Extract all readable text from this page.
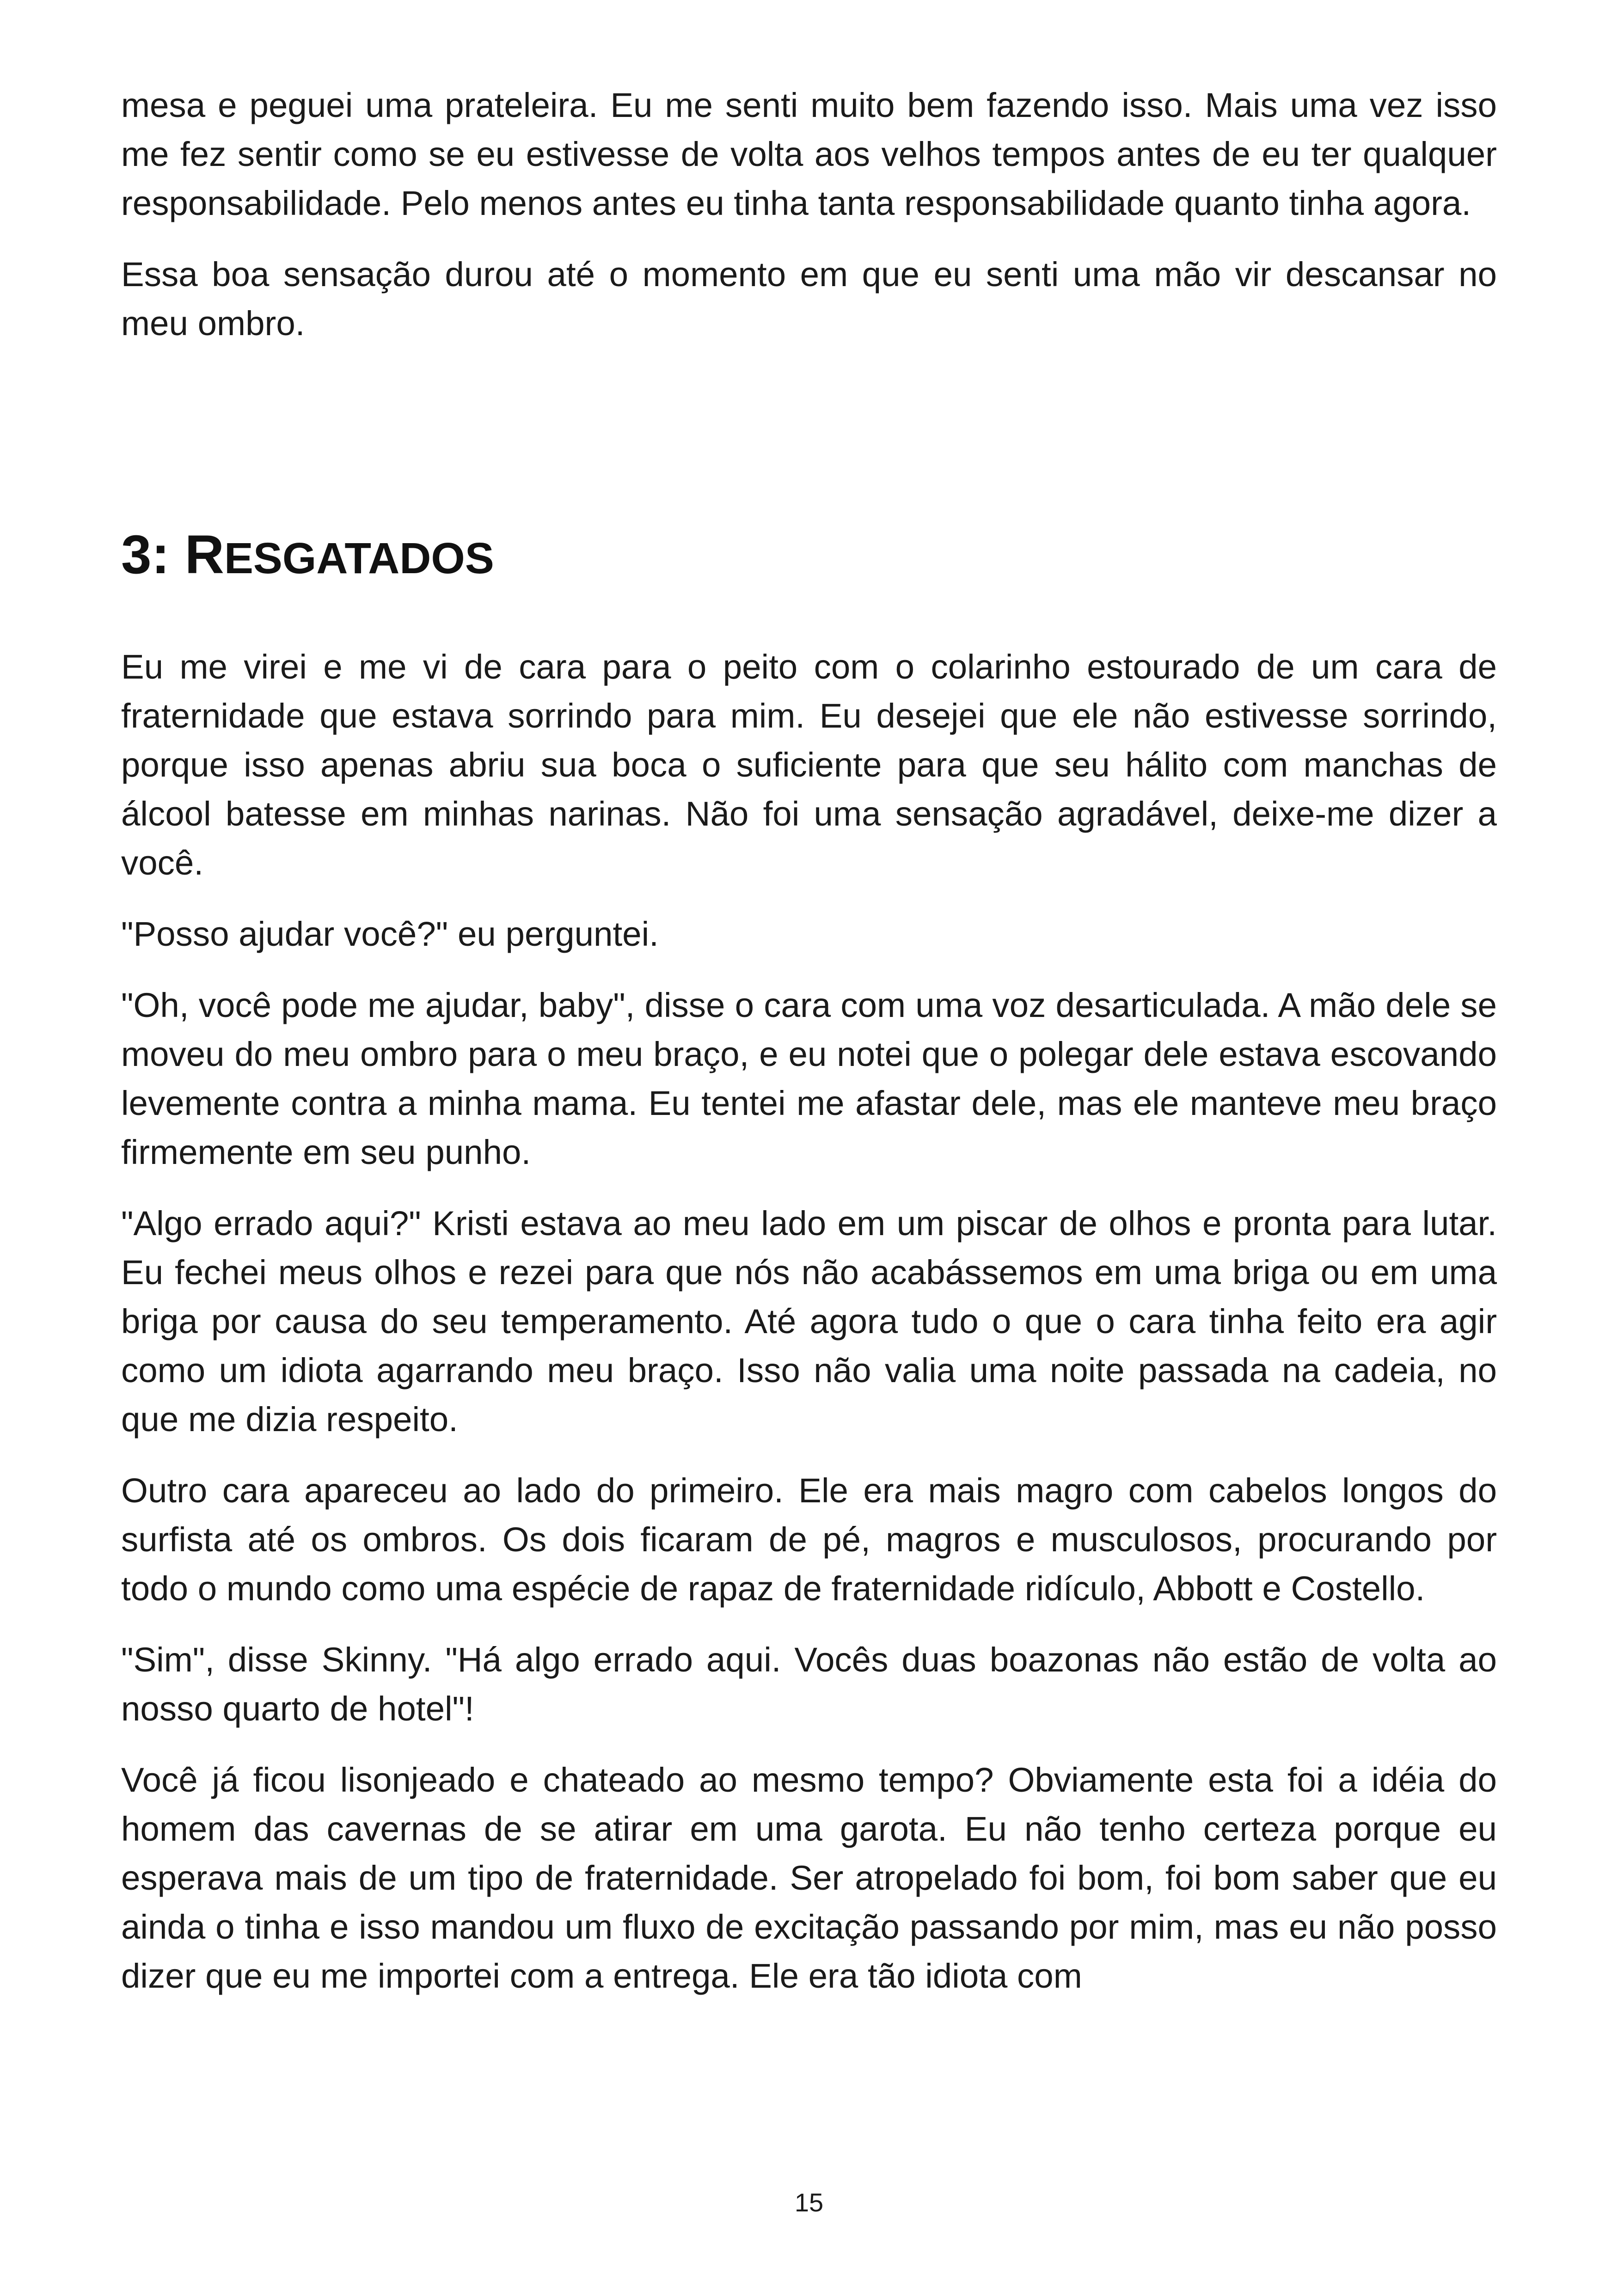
mesa e peguei uma prateleira. Eu me senti muito bem fazendo isso. Mais uma vez isso me fez sentir como se eu estivesse de volta aos velhos tempos antes de eu ter qualquer responsabilidade. Pelo menos antes eu tinha tanta responsabilidade quanto tinha agora.

Essa boa sensação durou até o momento em que eu senti uma mão vir descansar no meu ombro.

3: RESGATADOS

Eu me virei e me vi de cara para o peito com o colarinho estourado de um cara de fraternidade que estava sorrindo para mim. Eu desejei que ele não estivesse sorrindo, porque isso apenas abriu sua boca o suficiente para que seu hálito com manchas de álcool batesse em minhas narinas. Não foi uma sensação agradável, deixe-me dizer a você.

"Posso ajudar você?" eu perguntei.

"Oh, você pode me ajudar, baby", disse o cara com uma voz desarticulada. A mão dele se moveu do meu ombro para o meu braço, e eu notei que o polegar dele estava escovando levemente contra a minha mama. Eu tentei me afastar dele, mas ele manteve meu braço firmemente em seu punho.

"Algo errado aqui?" Kristi estava ao meu lado em um piscar de olhos e pronta para lutar. Eu fechei meus olhos e rezei para que nós não acabássemos em uma briga ou em uma briga por causa do seu temperamento. Até agora tudo o que o cara tinha feito era agir como um idiota agarrando meu braço. Isso não valia uma noite passada na cadeia, no que me dizia respeito.

Outro cara apareceu ao lado do primeiro. Ele era mais magro com cabelos longos do surfista até os ombros. Os dois ficaram de pé, magros e musculosos, procurando por todo o mundo como uma espécie de rapaz de fraternidade ridículo, Abbott e Costello.

"Sim", disse Skinny. "Há algo errado aqui. Vocês duas boazonas não estão de volta ao nosso quarto de hotel"!

Você já ficou lisonjeado e chateado ao mesmo tempo? Obviamente esta foi a idéia do homem das cavernas de se atirar em uma garota. Eu não tenho certeza porque eu esperava mais de um tipo de fraternidade. Ser atropelado foi bom, foi bom saber que eu ainda o tinha e isso mandou um fluxo de excitação passando por mim, mas eu não posso dizer que eu me importei com a entrega. Ele era tão idiota com

15
